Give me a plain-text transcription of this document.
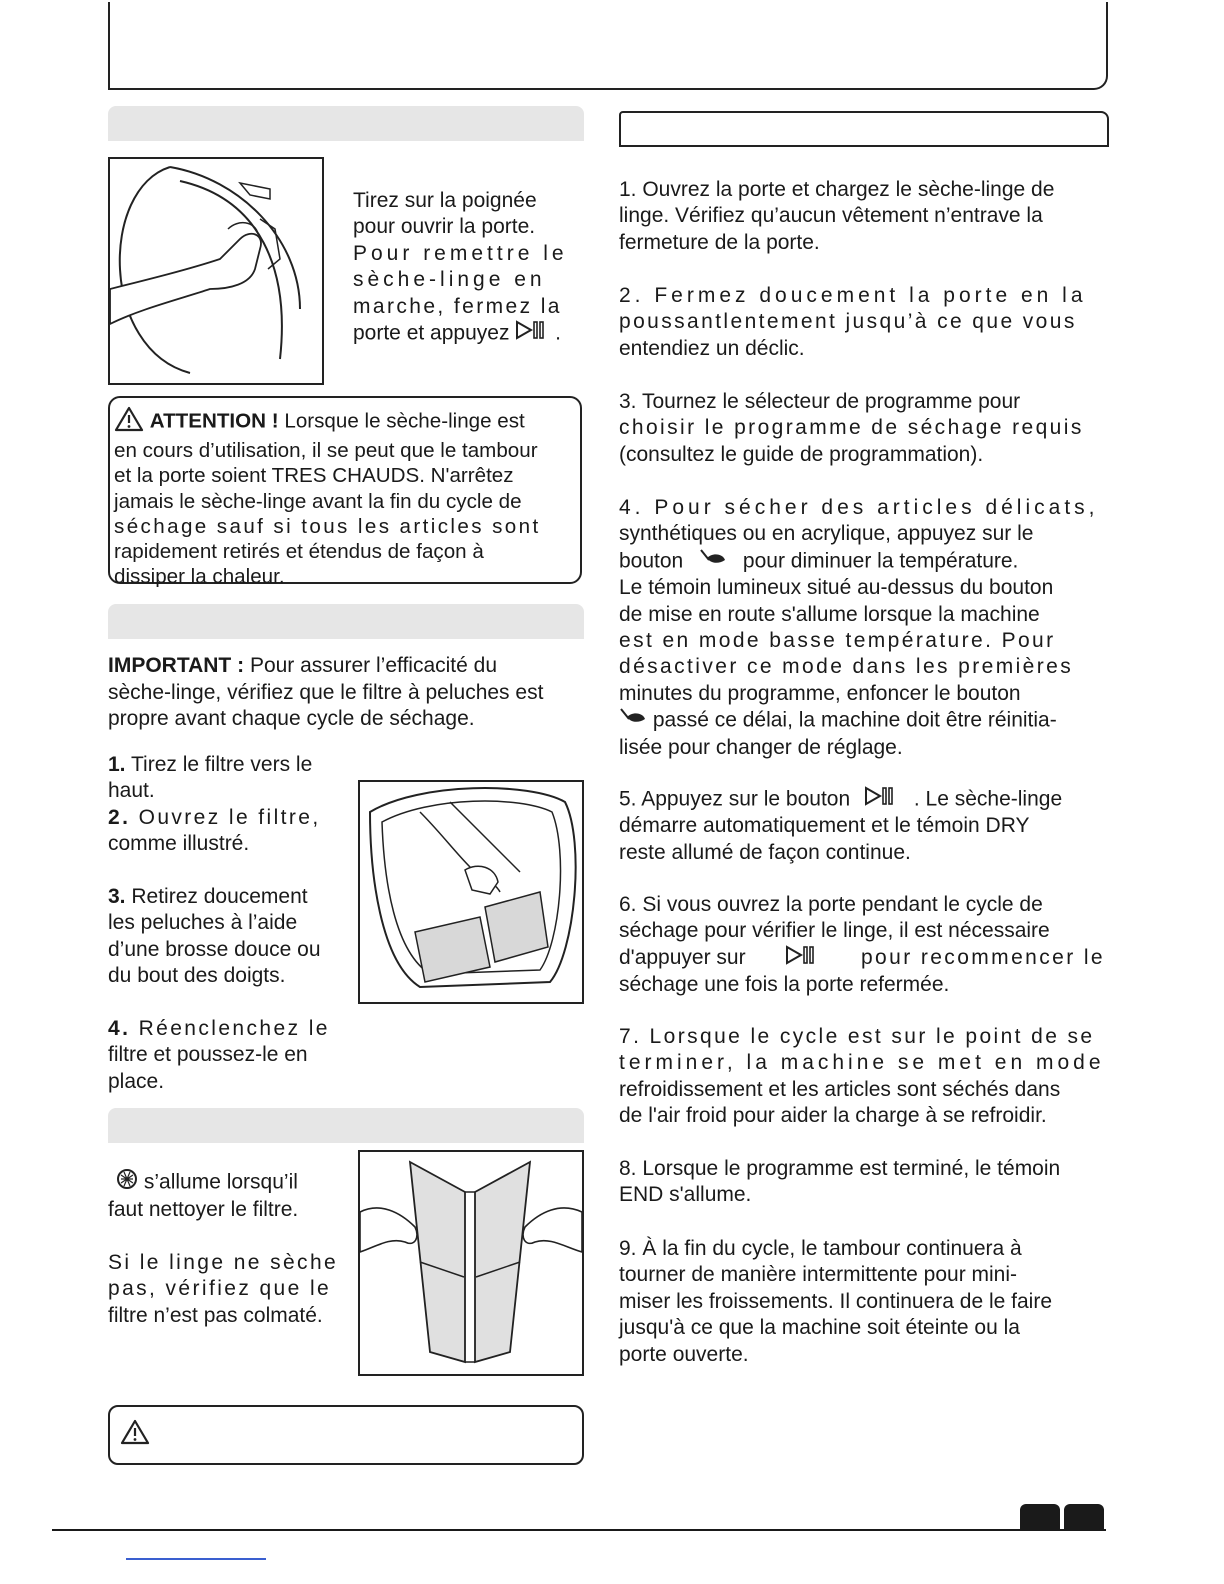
Tirez sur la poignée

pour ouvrir la porte.

Pour remettre le

sèche-linge en

marche, fermez la

porte et appuyez .

ATTENTION ! Lorsque le sèche-linge est

en cours d’utilisation, il se peut que le tambour

et la porte soient TRES CHAUDS. N'arrêtez

jamais le sèche-linge avant la fin du cycle de

séchage sauf si tous les articles sont

rapidement retirés et étendus de façon à

dissiper la chaleur.

IMPORTANT : Pour assurer l’efficacité du

sèche-linge, vérifiez que le filtre à peluches est

propre avant chaque cycle de séchage.

1. Tirez le filtre vers le

haut.

2. Ouvrez le filtre,

comme illustré.

3. Retirez doucement

les peluches à l’aide

d’une brosse douce ou

du bout des doigts.

4. Réenclenchez le

filtre et poussez-le en

place.

s’allume lorsqu’il

faut nettoyer le filtre.

Si le linge ne sèche

pas, vérifiez que le

filtre n’est pas colmaté.

1. Ouvrez la porte et chargez le sèche-linge de

linge. Vérifiez qu’aucun vêtement n’entrave la

fermeture de la porte.

2. Fermez doucement la porte en la

poussantlentement jusqu’à ce que vous

entendiez un déclic.

3. Tournez le sélecteur de programme pour

choisir le programme de séchage requis

(consultez le guide de programmation).

4. Pour sécher des articles délicats,

synthétiques ou en acrylique, appuyez sur le

bouton	pour diminuer la température.

Le témoin lumineux situé au-dessus du bouton

de mise en route s'allume lorsque la machine

est en mode basse température. Pour

désactiver ce mode dans les premières

minutes du programme, enfoncer le bouton

passé ce délai, la machine doit être réinitia-

lisée pour changer de réglage.

5. Appuyez sur le bouton	. Le sèche-linge

démarre automatiquement et le témoin DRY

reste allumé de façon continue.

6. Si vous ouvrez la porte pendant le cycle de

séchage pour vérifier le linge, il est nécessaire

d'appuyer sur	pour recommencer le

séchage une fois la porte refermée.

7. Lorsque le cycle est sur le point de se

terminer, la machine se met en mode

refroidissement et les articles sont séchés dans

de l'air froid pour aider la charge à se refroidir.

8. Lorsque le programme est terminé, le témoin

END s'allume.

9. À la fin du cycle, le tambour continuera à

tourner de manière intermittente pour mini-

miser les froissements. Il continuera de le faire

jusqu'à ce que la machine soit éteinte ou la

porte ouverte.
